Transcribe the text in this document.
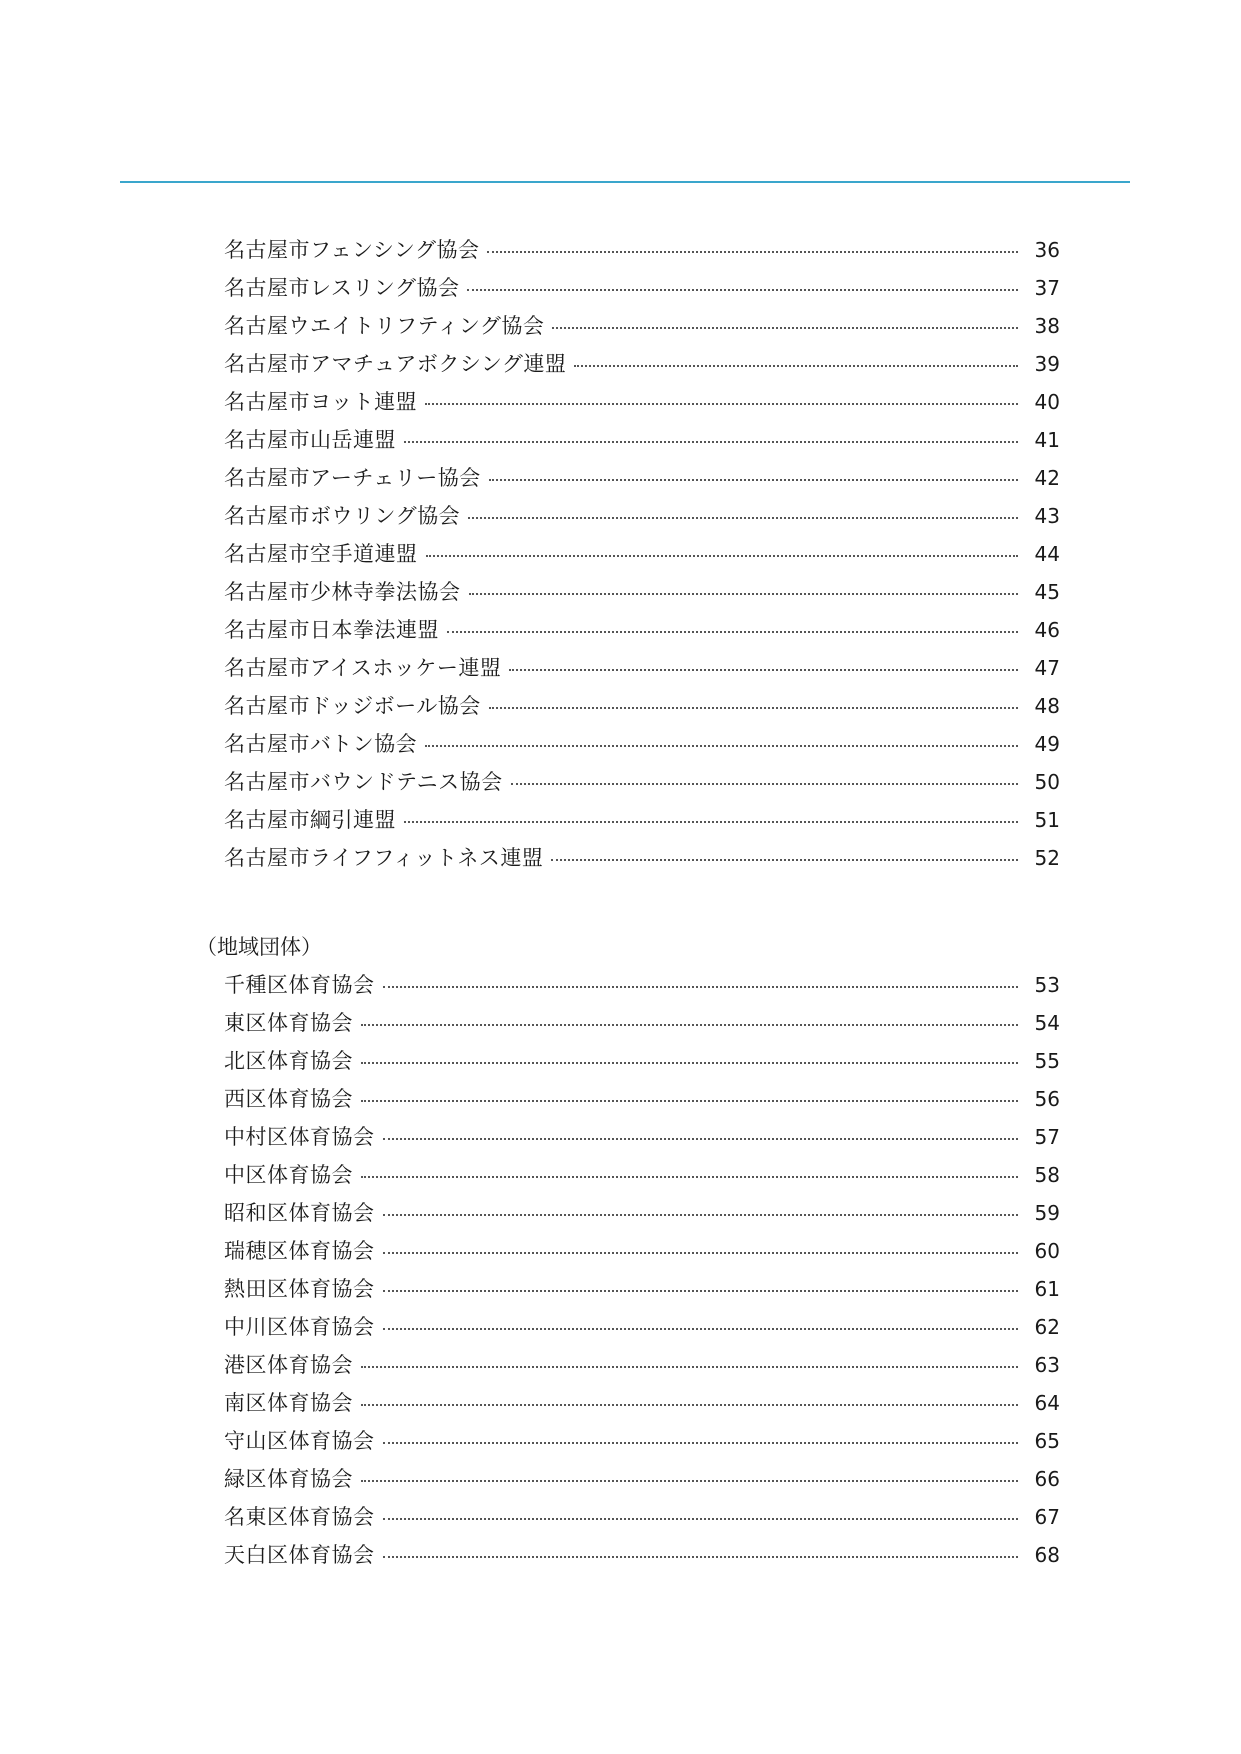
名古屋市フェンシング協会	36
名古屋市レスリング協会	37
名古屋ウエイトリフティング協会	38
名古屋市アマチュアボクシング連盟	39
名古屋市ヨット連盟	40
名古屋市山岳連盟	41
名古屋市アーチェリー協会	42
名古屋市ボウリング協会	43
名古屋市空手道連盟	44
名古屋市少林寺拳法協会	45
名古屋市日本拳法連盟	46
名古屋市アイスホッケー連盟	47
名古屋市ドッジボール協会	48
名古屋市バトン協会	49
名古屋市バウンドテニス協会	50
名古屋市綱引連盟	51
名古屋市ライフフィットネス連盟	52
（地域団体）
千種区体育協会	53
東区体育協会	54
北区体育協会	55
西区体育協会	56
中村区体育協会	57
中区体育協会	58
昭和区体育協会	59
瑞穂区体育協会	60
熱田区体育協会	61
中川区体育協会	62
港区体育協会	63
南区体育協会	64
守山区体育協会	65
緑区体育協会	66
名東区体育協会	67
天白区体育協会	68
